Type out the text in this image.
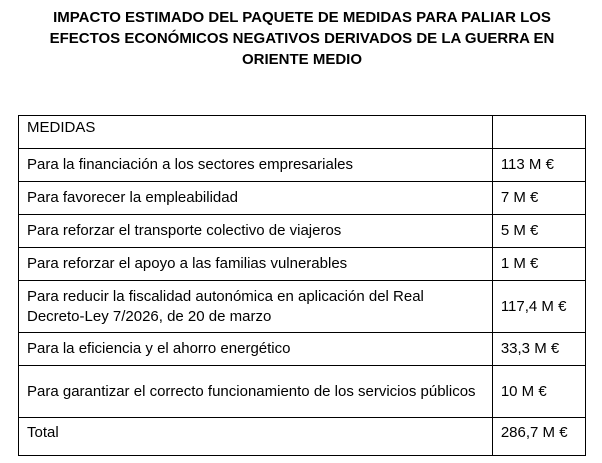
IMPACTO ESTIMADO DEL PAQUETE DE MEDIDAS PARA PALIAR LOS
EFECTOS ECONÓMICOS NEGATIVOS DERIVADOS DE LA GUERRA EN
ORIENTE MEDIO
MEDIDAS	
Para la financiación a los sectores empresariales	113 M €
Para favorecer la empleabilidad	7 M €
Para reforzar el transporte colectivo de viajeros	5 M €
Para reforzar el apoyo a las familias vulnerables	1 M €
Para reducir la fiscalidad autonómica en aplicación del Real Decreto-Ley 7/2026, de 20 de marzo	117,4 M €
Para la eficiencia y el ahorro energético	33,3 M €
Para garantizar el correcto funcionamiento de los servicios públicos	10 M €
Total	286,7 M €
